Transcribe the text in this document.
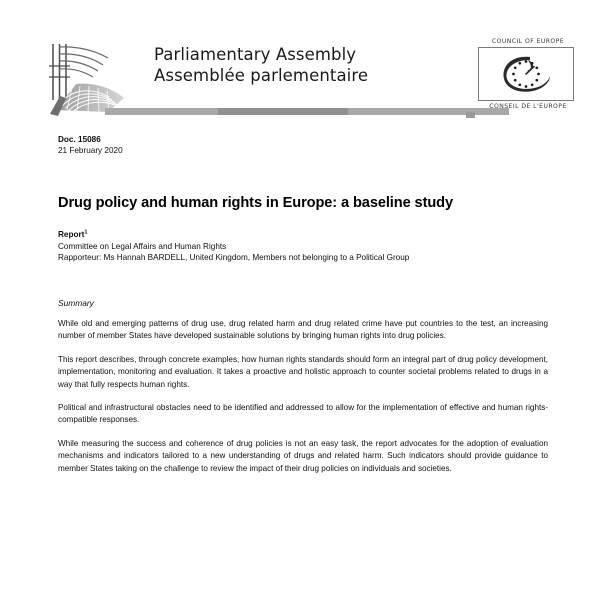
Parliamentary Assembly
Assemblée parlementaire
COUNCIL OF EUROPE
CONSEIL DE L'EUROPE
Doc. 15086
21 February 2020
Drug policy and human rights in Europe: a baseline study
Report$^1$
Committee on Legal Affairs and Human Rights
Rapporteur: Ms Hannah BARDELL, United Kingdom, Members not belonging to a Political Group
Summary

While old and emerging patterns of drug use, drug related harm and drug related crime have put countries to the test, an increasing number of member States have developed sustainable solutions by bringing human rights into drug policies.

This report describes, through concrete examples, how human rights standards should form an integral part of drug policy development, implementation, monitoring and evaluation. It takes a proactive and holistic approach to counter societal problems related to drugs in a way that fully respects human rights.

Political and infrastructural obstacles need to be identified and addressed to allow for the implementation of effective and human rights-compatible responses.

While measuring the success and coherence of drug policies is not an easy task, the report advocates for the adoption of evaluation mechanisms and indicators tailored to a new understanding of drugs and related harm. Such indicators should provide guidance to member States taking on the challenge to review the impact of their drug policies on individuals and societies.
